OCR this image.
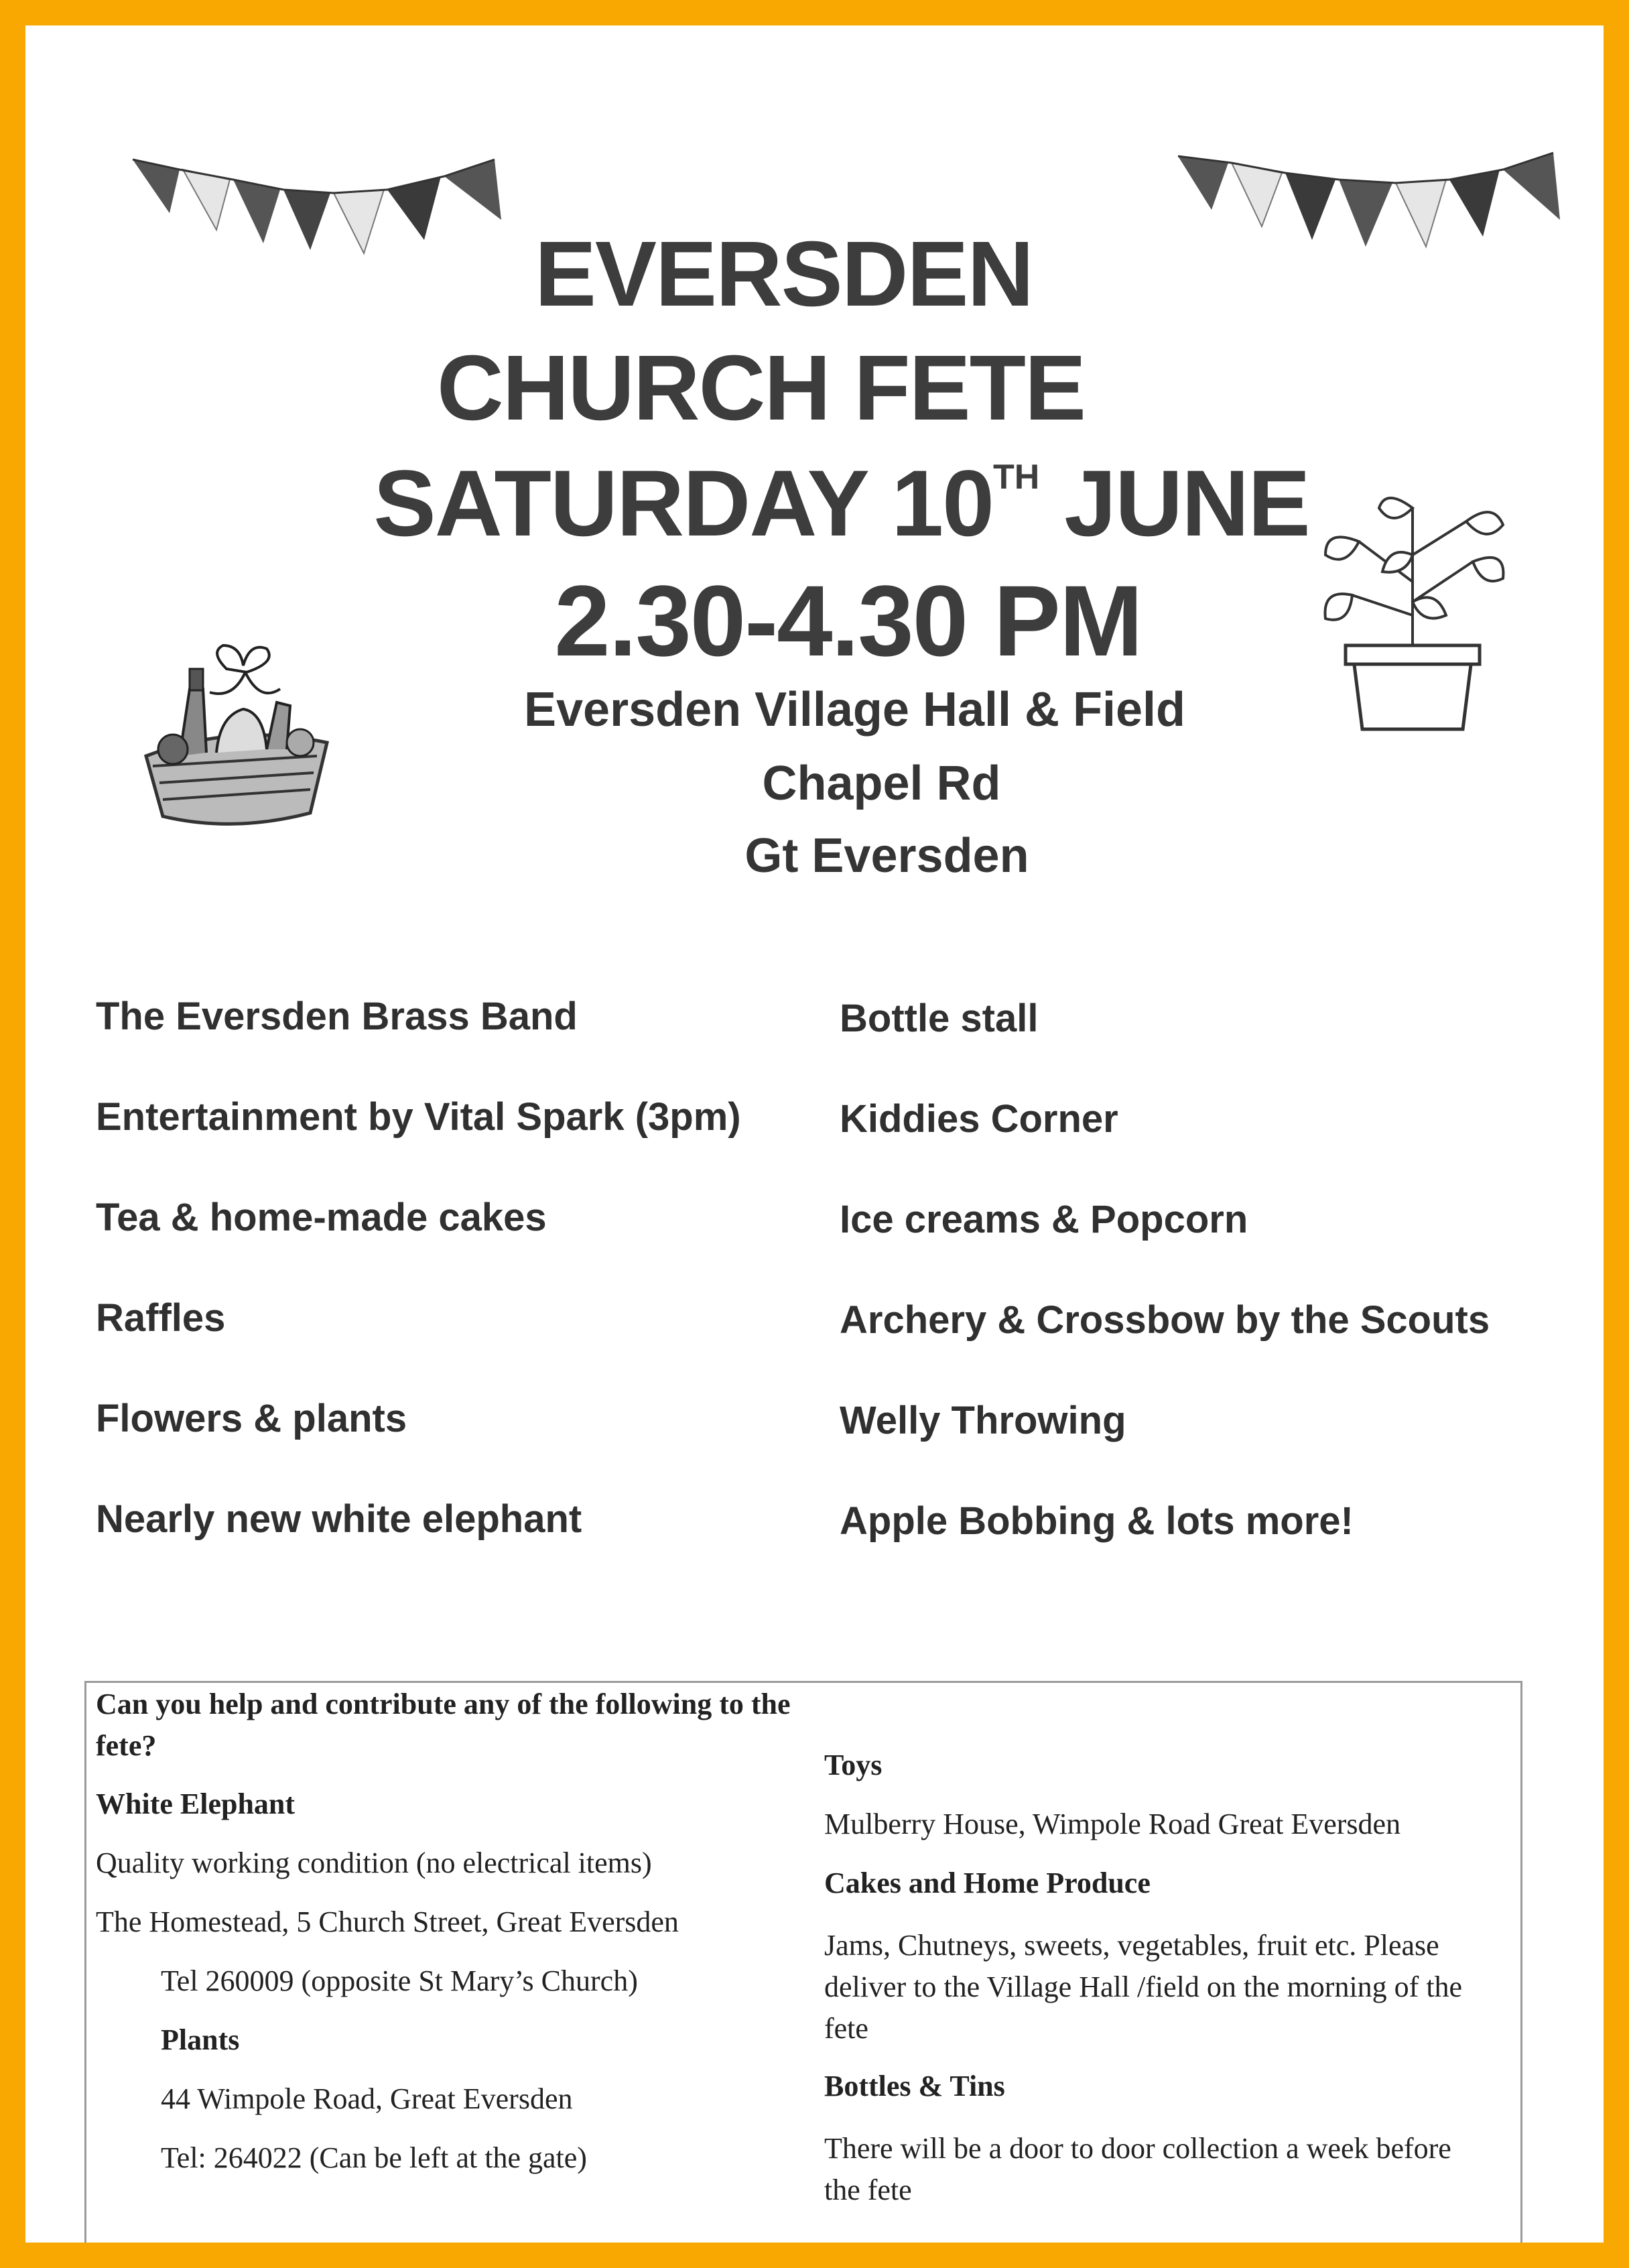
EVERSDEN
CHURCH FETE
SATURDAY 10TH JUNE
2.30-4.30 PM
Eversden Village Hall & Field
Chapel Rd
Gt Eversden
The Eversden Brass Band
Entertainment by Vital Spark (3pm)
Tea & home-made cakes
Raffles
Flowers & plants
Nearly new white elephant
Bottle stall
Kiddies Corner
Ice creams & Popcorn
Archery & Crossbow by the Scouts
Welly Throwing
Apple Bobbing & lots more!
Can you help and contribute any of the following to the fete?
White Elephant
Quality working condition (no electrical items)
The Homestead, 5 Church Street, Great Eversden
Tel 260009 (opposite St Mary’s Church)
Plants
44 Wimpole Road, Great Eversden
Tel: 264022 (Can be left at the gate)
Toys
Mulberry House, Wimpole Road Great Eversden
Cakes and Home Produce
Jams, Chutneys, sweets, vegetables, fruit etc. Please deliver to the Village Hall /field on the morning of the fete
Bottles & Tins
There will be a door to door collection a week before the fete
